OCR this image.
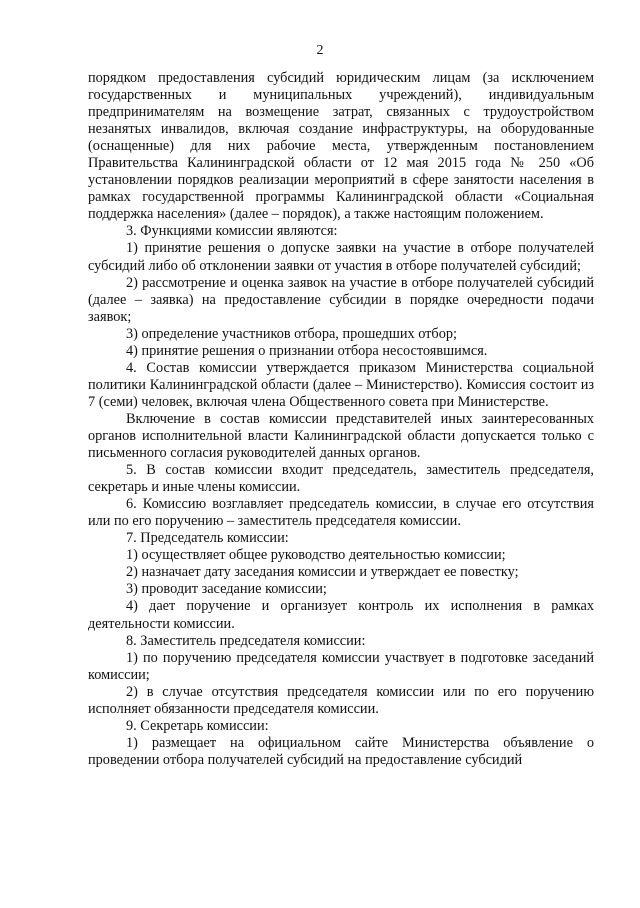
2

порядком предоставления субсидий юридическим лицам (за исключением государственных и муниципальных учреждений), индивидуальным предпринимателям на возмещение затрат, связанных с трудоустройством незанятых инвалидов, включая создание инфраструктуры, на оборудованные (оснащенные) для них рабочие места, утвержденным постановлением Правительства Калининградской области от 12 мая 2015 года № 250 «Об установлении порядков реализации мероприятий в сфере занятости населения в рамках государственной программы Калининградской области «Социальная поддержка населения» (далее – порядок), а также настоящим положением.

3. Функциями комиссии являются:

1) принятие решения о допуске заявки на участие в отборе получателей субсидий либо об отклонении заявки от участия в отборе получателей субсидий;

2) рассмотрение и оценка заявок на участие в отборе получателей субсидий (далее – заявка) на предоставление субсидии в порядке очередности подачи заявок;

3) определение участников отбора, прошедших отбор;

4) принятие решения о признании отбора несостоявшимся.

4. Состав комиссии утверждается приказом Министерства социальной политики Калининградской области (далее – Министерство). Комиссия состоит из 7 (семи) человек, включая члена Общественного совета при Министерстве.

Включение в состав комиссии представителей иных заинтересованных органов исполнительной власти Калининградской области допускается только с письменного согласия руководителей данных органов.

5. В состав комиссии входит председатель, заместитель председателя, секретарь и иные члены комиссии.

6. Комиссию возглавляет председатель комиссии, в случае его отсутствия или по его поручению – заместитель председателя комиссии.

7. Председатель комиссии:

1) осуществляет общее руководство деятельностью комиссии;

2) назначает дату заседания комиссии и утверждает ее повестку;

3) проводит заседание комиссии;

4) дает поручение и организует контроль их исполнения в рамках деятельности комиссии.

8. Заместитель председателя комиссии:

1) по поручению председателя комиссии участвует в подготовке заседаний комиссии;

2) в случае отсутствия председателя комиссии или по его поручению исполняет обязанности председателя комиссии.

9. Секретарь комиссии:

1) размещает на официальном сайте Министерства объявление о проведении отбора получателей субсидий на предоставление субсидий
